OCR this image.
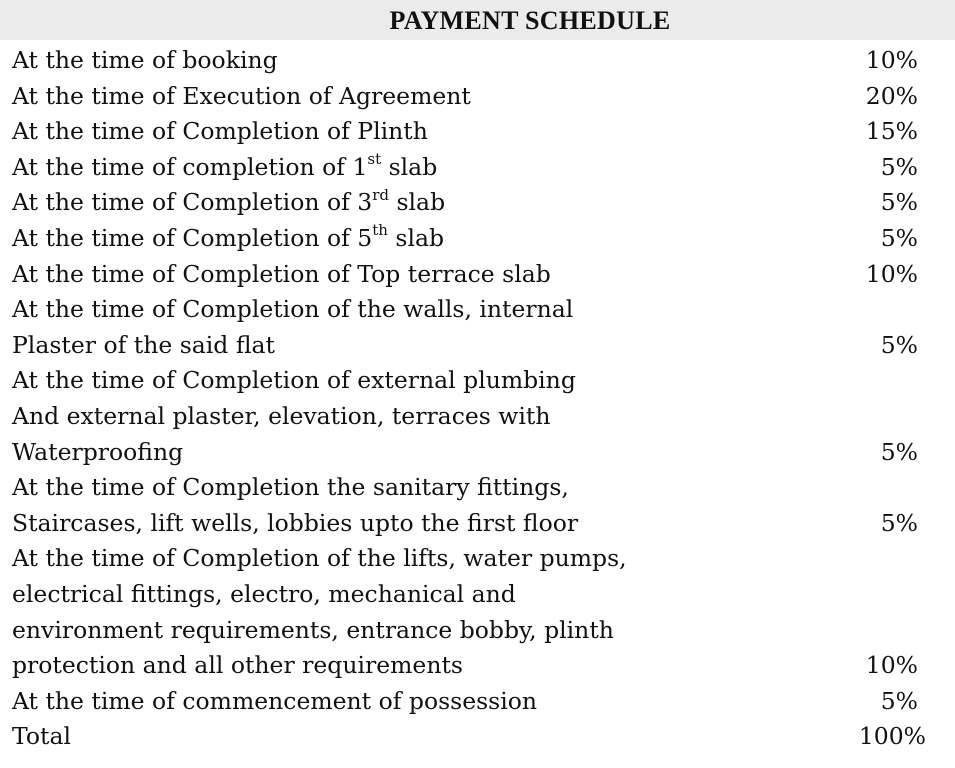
PAYMENT SCHEDULE
At the time of booking	10%
At the time of Execution of Agreement	20%
At the time of Completion of Plinth	15%
At the time of completion of 1st slab	5%
At the time of Completion of 3rd slab	5%
At the time of Completion of 5th slab	5%
At the time of Completion of Top terrace slab	10%
At the time of Completion of the walls, internal
Plaster of the said flat	5%
At the time of Completion of external plumbing
And external plaster, elevation, terraces with
Waterproofing	5%
At the time of Completion the sanitary fittings,
Staircases, lift wells, lobbies upto the first floor	5%
At the time of Completion of the lifts, water pumps,
electrical fittings, electro, mechanical and
environment requirements, entrance bobby, plinth
protection and all other requirements	10%
At the time of commencement of possession	5%
Total	100%
